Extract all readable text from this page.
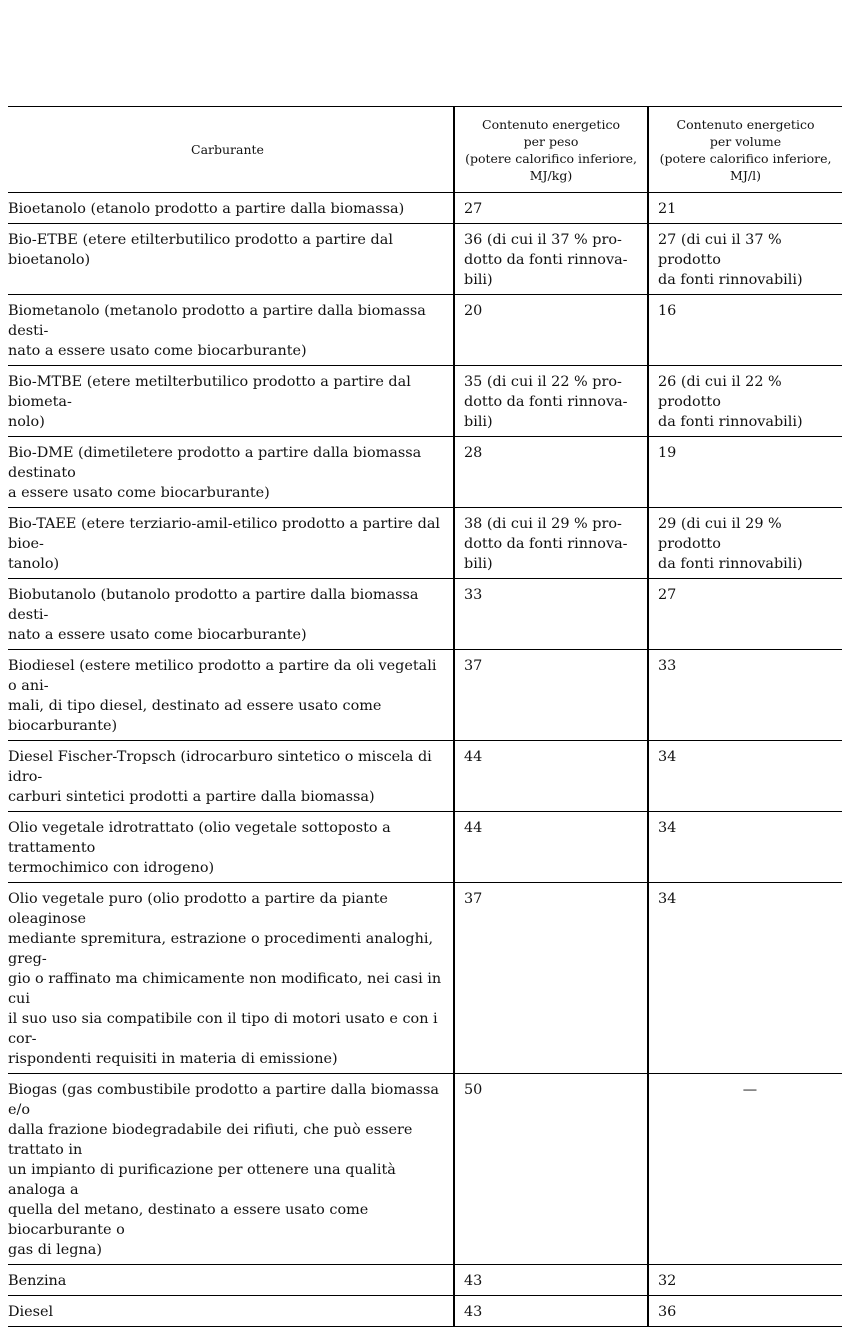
Carburante	Contenuto energetico
per peso
(potere calorifico inferiore,
MJ/kg)	Contenuto energetico
per volume
(potere calorifico inferiore,
MJ/l)
Bioetanolo (etanolo prodotto a partire dalla biomassa)	27	21
Bio-ETBE (etere etilterbutilico prodotto a partire dal bioetanolo)	36 (di cui il 37 % pro-
dotto da fonti rinnova-
bili)	27 (di cui il 37 % prodotto
da fonti rinnovabili)
Biometanolo (metanolo prodotto a partire dalla biomassa desti-
nato a essere usato come biocarburante)	20	16
Bio-MTBE (etere metilterbutilico prodotto a partire dal biometa-
nolo)	35 (di cui il 22 % pro-
dotto da fonti rinnova-
bili)	26 (di cui il 22 % prodotto
da fonti rinnovabili)
Bio-DME (dimetiletere prodotto a partire dalla biomassa destinato
a essere usato come biocarburante)	28	19
Bio-TAEE (etere terziario-amil-etilico prodotto a partire dal bioe-
tanolo)	38 (di cui il 29 % pro-
dotto da fonti rinnova-
bili)	29 (di cui il 29 % prodotto
da fonti rinnovabili)
Biobutanolo (butanolo prodotto a partire dalla biomassa desti-
nato a essere usato come biocarburante)	33	27
Biodiesel (estere metilico prodotto a partire da oli vegetali o ani-
mali, di tipo diesel, destinato ad essere usato come biocarburante)	37	33
Diesel Fischer-Tropsch (idrocarburo sintetico o miscela di idro-
carburi sintetici prodotti a partire dalla biomassa)	44	34
Olio vegetale idrotrattato (olio vegetale sottoposto a trattamento
termochimico con idrogeno)	44	34
Olio vegetale puro (olio prodotto a partire da piante oleaginose
mediante spremitura, estrazione o procedimenti analoghi, greg-
gio o raffinato ma chimicamente non modificato, nei casi in cui
il suo uso sia compatibile con il tipo di motori usato e con i cor-
rispondenti requisiti in materia di emissione)	37	34
Biogas (gas combustibile prodotto a partire dalla biomassa e/o
dalla frazione biodegradabile dei rifiuti, che può essere trattato in
un impianto di purificazione per ottenere una qualità analoga a
quella del metano, destinato a essere usato come biocarburante o
gas di legna)	50	—
Benzina	43	32
Diesel	43	36
